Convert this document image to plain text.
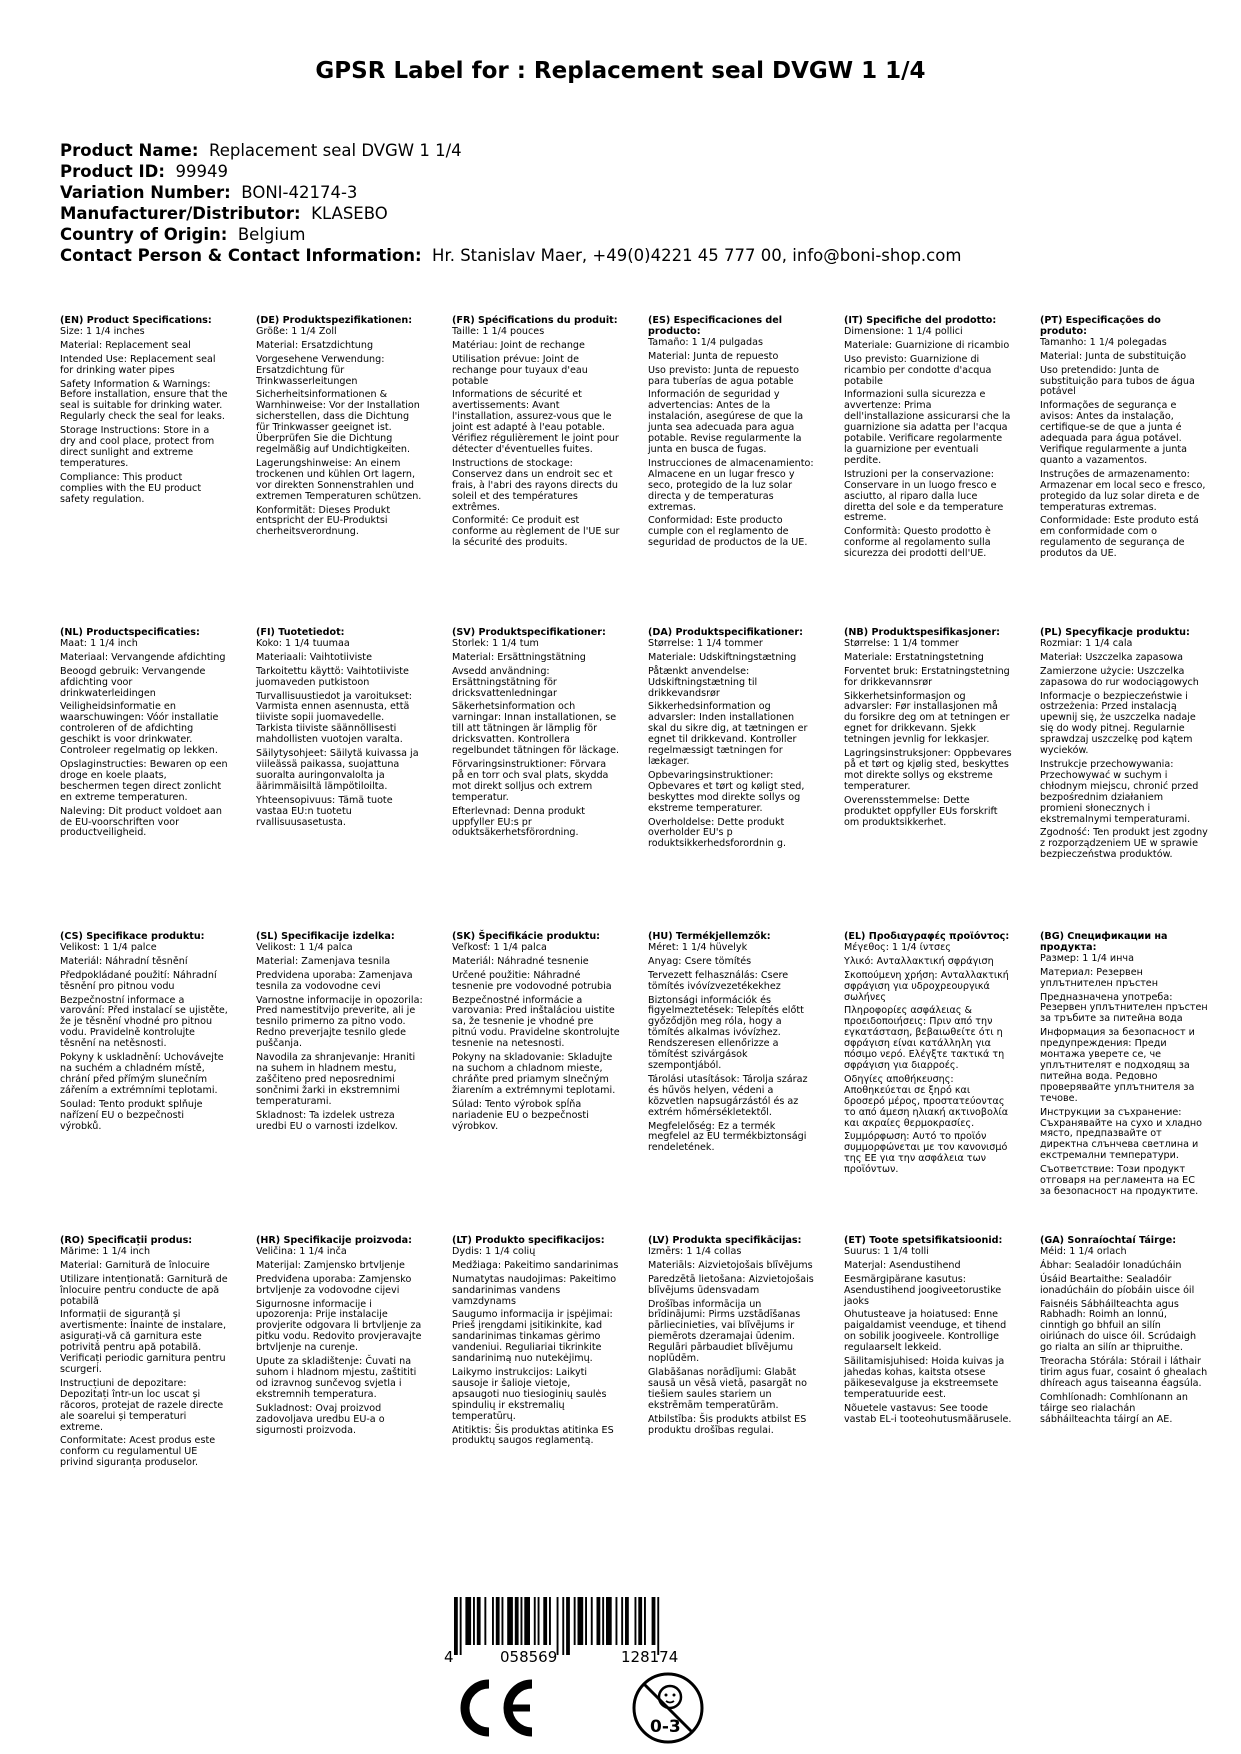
GPSR Label for : Replacement seal DVGW 1 1/4
Product Name: Replacement seal DVGW 1 1/4
Product ID: 99949
Variation Number: BONI-42174-3
Manufacturer/Distributor: KLASEBO
Country of Origin: Belgium
Contact Person & Contact Information: Hr. Stanislav Maer, +49(0)4221 45 777 00, info@boni-shop.com
(EN) Product Specifications:
Size: 1 1/4 inches
Material: Replacement seal
Intended Use: Replacement seal for drinking water pipes
Safety Information & Warnings: Before installation, ensure that the seal is suitable for drinking water. Regularly check the seal for leaks.
Storage Instructions: Store in a dry and cool place, protect from direct sunlight and extreme temperatures.
Compliance: This product complies with the EU product safety regulation.
(DE) Produktspezifikationen:
Größe: 1 1/4 Zoll
Material: Ersatzdichtung
Vorgesehene Verwendung: Ersatzdichtung für Trinkwasserleitungen
Sicherheitsinformationen & Warnhinweise: Vor der Installation sicherstellen, dass die Dichtung für Trinkwasser geeignet ist. Überprüfen Sie die Dichtung regelmäßig auf Undichtigkeiten.
Lagerungshinweise: An einem trockenen und kühlen Ort lagern, vor direkten Sonnenstrahlen und extremen Temperaturen schützen.
Konformität: Dieses Produkt entspricht der EU-Produktsi cherheitsverordnung.
(FR) Spécifications du produit:
Taille: 1 1/4 pouces
Matériau: Joint de rechange
Utilisation prévue: Joint de rechange pour tuyaux d'eau potable
Informations de sécurité et avertissements: Avant l'installation, assurez-vous que le joint est adapté à l'eau potable. Vérifiez régulièrement le joint pour détecter d'éventuelles fuites.
Instructions de stockage: Conservez dans un endroit sec et frais, à l'abri des rayons directs du soleil et des températures extrêmes.
Conformité: Ce produit est conforme au règlement de l'UE sur la sécurité des produits.
(ES) Especificaciones del producto:
Tamaño: 1 1/4 pulgadas
Material: Junta de repuesto
Uso previsto: Junta de repuesto para tuberías de agua potable
Información de seguridad y advertencias: Antes de la instalación, asegúrese de que la junta sea adecuada para agua potable. Revise regularmente la junta en busca de fugas.
Instrucciones de almacenamiento: Almacene en un lugar fresco y seco, protegido de la luz solar directa y de temperaturas extremas.
Conformidad: Este producto cumple con el reglamento de seguridad de productos de la UE.
(IT) Specifiche del prodotto:
Dimensione: 1 1/4 pollici
Materiale: Guarnizione di ricambio
Uso previsto: Guarnizione di ricambio per condotte d'acqua potabile
Informazioni sulla sicurezza e avvertenze: Prima dell'installazione assicurarsi che la guarnizione sia adatta per l'acqua potabile. Verificare regolarmente la guarnizione per eventuali perdite.
Istruzioni per la conservazione: Conservare in un luogo fresco e asciutto, al riparo dalla luce diretta del sole e da temperature estreme.
Conformità: Questo prodotto è conforme al regolamento sulla sicurezza dei prodotti dell'UE.
(PT) Especificações do produto:
Tamanho: 1 1/4 polegadas
Material: Junta de substituição
Uso pretendido: Junta de substituição para tubos de água potável
Informações de segurança e avisos: Antes da instalação, certifique-se de que a junta é adequada para água potável. Verifique regularmente a junta quanto a vazamentos.
Instruções de armazenamento: Armazenar em local seco e fresco, protegido da luz solar direta e de temperaturas extremas.
Conformidade: Este produto está em conformidade com o regulamento de segurança de produtos da UE.
(NL) Productspecificaties:
Maat: 1 1/4 inch
Materiaal: Vervangende afdichting
Beoogd gebruik: Vervangende afdichting voor drinkwaterleidingen
Veiligheidsinformatie en waarschuwingen: Vóór installatie controleren of de afdichting geschikt is voor drinkwater. Controleer regelmatig op lekken.
Opslaginstructies: Bewaren op een droge en koele plaats, beschermen tegen direct zonlicht en extreme temperaturen.
Naleving: Dit product voldoet aan de EU-voorschriften voor productveiligheid.
(FI) Tuotetiedot:
Koko: 1 1/4 tuumaa
Materiaali: Vaihtotiiviste
Tarkoitettu käyttö: Vaihtotiiviste juomaveden putkistoon
Turvallisuustiedot ja varoitukset: Varmista ennen asennusta, että tiiviste sopii juomavedelle. Tarkista tiiviste säännöllisesti mahdollisten vuotojen varalta.
Säilytysohjeet: Säilytä kuivassa ja viileässä paikassa, suojattuna suoralta auringonvalolta ja äärimmäisiltä lämpötiloilta.
Yhteensopivuus: Tämä tuote vastaa EU:n tuotetu rvallisuusasetusta.
(SV) Produktspecifikationer:
Storlek: 1 1/4 tum
Material: Ersättningstätning
Avsedd användning: Ersättningstätning för dricksvattenledningar
Säkerhetsinformation och varningar: Innan installationen, se till att tätningen är lämplig för dricksvatten. Kontrollera regelbundet tätningen för läckage.
Förvaringsinstruktioner: Förvara på en torr och sval plats, skydda mot direkt solljus och extrem temperatur.
Efterlevnad: Denna produkt uppfyller EU:s pr oduktsäkerhetsförordning.
(DA) Produktspecifikationer:
Størrelse: 1 1/4 tommer
Materiale: Udskiftningstætning
Påtænkt anvendelse: Udskiftningstætning til drikkevandsrør
Sikkerhedsinformation og advarsler: Inden installationen skal du sikre dig, at tætningen er egnet til drikkevand. Kontroller regelmæssigt tætningen for lækager.
Opbevaringsinstruktioner: Opbevares et tørt og køligt sted, beskyttes mod direkte sollys og ekstreme temperaturer.
Overholdelse: Dette produkt overholder EU's p roduktsikkerhedsforordnin g.
(NB) Produktspesifikasjoner:
Størrelse: 1 1/4 tommer
Materiale: Erstatningstetning
Forventet bruk: Erstatningstetning for drikkevannsrør
Sikkerhetsinformasjon og advarsler: Før installasjonen må du forsikre deg om at tetningen er egnet for drikkevann. Sjekk tetningen jevnlig for lekkasjer.
Lagringsinstruksjoner: Oppbevares på et tørt og kjølig sted, beskyttes mot direkte sollys og ekstreme temperaturer.
Overensstemmelse: Dette produktet oppfyller EUs forskrift om produktsikkerhet.
(PL) Specyfikacje produktu:
Rozmiar: 1 1/4 cala
Materiał: Uszczelka zapasowa
Zamierzone użycie: Uszczelka zapasowa do rur wodociągowych
Informacje o bezpieczeństwie i ostrzeżenia: Przed instalacją upewnij się, że uszczelka nadaje się do wody pitnej. Regularnie sprawdzaj uszczelkę pod kątem wycieków.
Instrukcje przechowywania: Przechowywać w suchym i chłodnym miejscu, chronić przed bezpośrednim działaniem promieni słonecznych i ekstremalnymi temperaturami.
Zgodność: Ten produkt jest zgodny z rozporządzeniem UE w sprawie bezpieczeństwa produktów.
(CS) Specifikace produktu:
Velikost: 1 1/4 palce
Materiál: Náhradní těsnění
Předpokládané použití: Náhradní těsnění pro pitnou vodu
Bezpečnostní informace a varování: Před instalací se ujistěte, že je těsnění vhodné pro pitnou vodu. Pravidelně kontrolujte těsnění na netěsnosti.
Pokyny k uskladnění: Uchovávejte na suchém a chladném místě, chrání před přímým slunečním zářením a extrémními teplotami.
Soulad: Tento produkt splňuje nařízení EU o bezpečnosti výrobků.
(SL) Specifikacije izdelka:
Velikost: 1 1/4 palca
Material: Zamenjava tesnila
Predvidena uporaba: Zamenjava tesnila za vodovodne cevi
Varnostne informacije in opozorila: Pred namestitvijo preverite, ali je tesnilo primerno za pitno vodo. Redno preverjajte tesnilo glede puščanja.
Navodila za shranjevanje: Hraniti na suhem in hladnem mestu, zaščiteno pred neposrednimi sončnimi žarki in ekstremnimi temperaturami.
Skladnost: Ta izdelek ustreza uredbi EU o varnosti izdelkov.
(SK) Špecifikácie produktu:
Veľkosť: 1 1/4 palca
Materiál: Náhradné tesnenie
Určené použitie: Náhradné tesnenie pre vodovodné potrubia
Bezpečnostné informácie a varovania: Pred inštaláciou uistite sa, že tesnenie je vhodné pre pitnú vodu. Pravidelne skontrolujte tesnenie na netesnosti.
Pokyny na skladovanie: Skladujte na suchom a chladnom mieste, chráňte pred priamym slnečným žiarením a extrémnymi teplotami.
Súlad: Tento výrobok spĺňa nariadenie EU o bezpečnosti výrobkov.
(HU) Termékjellemzők:
Méret: 1 1/4 hüvelyk
Anyag: Csere tömítés
Tervezett felhasználás: Csere tömítés ivóvízvezetékekhez
Biztonsági információk és figyelmeztetések: Telepítés előtt győződjön meg róla, hogy a tömítés alkalmas ivóvízhez. Rendszeresen ellenőrizze a tömítést szivárgások szempontjából.
Tárolási utasítások: Tárolja száraz és hűvös helyen, védeni a közvetlen napsugárzástól és az extrém hőmérsékletektől.
Megfelelőség: Ez a termék megfelel az EU termékbiztonsági rendeletének.
(EL) Προδιαγραφές προϊόντος:
Μέγεθος: 1 1/4 ίντσες
Υλικό: Ανταλλακτική σφράγιση
Σκοπούμενη χρήση: Ανταλλακτική σφράγιση για υδροχρεουργικά σωλήνες
Πληροφορίες ασφάλειας & προειδοποιήσεις: Πριν από την εγκατάσταση, βεβαιωθείτε ότι η σφράγιση είναι κατάλληλη για πόσιμο νερό. Ελέγξτε τακτικά τη σφράγιση για διαρροές.
Οδηγίες αποθήκευσης: Αποθηκεύεται σε ξηρό και δροσερό μέρος, προστατεύοντας το από άμεση ηλιακή ακτινοβολία και ακραίες θερμοκρασίες.
Συμμόρφωση: Αυτό το προϊόν συμμορφώνεται με τον κανονισμό της ΕΕ για την ασφάλεια των προϊόντων.
(BG) Спецификации на продукта:
Размер: 1 1/4 инча
Материал: Резервен уплътнителен пръстен
Предназначена употреба: Резервен уплътнителен пръстен за тръбите за питейна вода
Информация за безопасност и предупреждения: Преди монтажа уверете се, че уплътнителят е подходящ за питейна вода. Редовно проверявайте уплътнителя за течове.
Инструкции за съхранение: Съхранявайте на сухо и хладно място, предпазвайте от директна слънчева светлина и екстремални температури.
Съответствие: Този продукт отговаря на регламента на ЕС за безопасност на продуктите.
(RO) Specificații produs:
Mărime: 1 1/4 inch
Material: Garnitură de înlocuire
Utilizare intenționată: Garnitură de înlocuire pentru conducte de apă potabilă
Informații de siguranță și avertismente: Înainte de instalare, asigurați-vă că garnitura este potrivită pentru apă potabilă. Verificați periodic garnitura pentru scurgeri.
Instrucțiuni de depozitare: Depozitați într-un loc uscat și răcoros, protejat de razele directe ale soarelui și temperaturi extreme.
Conformitate: Acest produs este conform cu regulamentul UE privind siguranța produselor.
(HR) Specifikacije proizvoda:
Veličina: 1 1/4 inča
Materijal: Zamjensko brtvljenje
Predviđena uporaba: Zamjensko brtvljenje za vodovodne cijevi
Sigurnosne informacije i upozorenja: Prije instalacije provjerite odgovara li brtvljenje za pitku vodu. Redovito provjeravajte brtvljenje na curenje.
Upute za skladištenje: Čuvati na suhom i hladnom mjestu, zaštititi od izravnog sunčevog svjetla i ekstremnih temperatura.
Sukladnost: Ovaj proizvod zadovoljava uredbu EU-a o sigurnosti proizvoda.
(LT) Produkto specifikacijos:
Dydis: 1 1/4 colių
Medžiaga: Pakeitimo sandarinimas
Numatytas naudojimas: Pakeitimo sandarinimas vandens vamzdynams
Saugumo informacija ir įspėjimai: Prieš įrengdami įsitikinkite, kad sandarinimas tinkamas gėrimo vandeniui. Reguliariai tikrinkite sandarinimą nuo nutekėjimų.
Laikymo instrukcijos: Laikyti sausoje ir šalioje vietoje, apsaugoti nuo tiesioginių saulės spindulių ir ekstremalių temperatūrų.
Atitiktis: Šis produktas atitinka ES produktų saugos reglamentą.
(LV) Produkta specifikācijas:
Izmērs: 1 1/4 collas
Materiāls: Aizvietojošais blīvējums
Paredzētā lietošana: Aizvietojošais blīvējums ūdensvadam
Drošības informācija un brīdinājumi: Pirms uzstādīšanas pārliecinieties, vai blīvējums ir piemērots dzeramajai ūdenim. Regulāri pārbaudiet blīvējumu noplūdēm.
Glabāšanas norādījumi: Glabāt sausā un vēsā vietā, pasargāt no tiešiem saules stariem un ekstrēmām temperatūrām.
Atbilstība: Šis produkts atbilst ES produktu drošības regulai.
(ET) Toote spetsifikatsioonid:
Suurus: 1 1/4 tolli
Materjal: Asendustihend
Eesmärgipärane kasutus: Asendustihend joogiveetorustike jaoks
Ohutusteave ja hoiatused: Enne paigaldamist veenduge, et tihend on sobilik joogiveele. Kontrollige regulaarselt lekkeid.
Säilitamisjuhised: Hoida kuivas ja jahedas kohas, kaitsta otsese päikesevalguse ja ekstreemsete temperatuuride eest.
Nõuetele vastavus: See toode vastab EL-i tooteohutusmäärusele.
(GA) Sonraíochtaí Táirge:
Méid: 1 1/4 orlach
Ábhar: Sealadóir Ionadúcháin
Úsáid Beartaithe: Sealadóir ionadúcháin do píobáin uisce óil
Faisnéis Sábháilteachta agus Rabhadh: Roimh an lonnú, cinntigh go bhfuil an silín oiriúnach do uisce óil. Scrúdaigh go rialta an silín ar thipruithe.
Treoracha Stórála: Stórail i láthair tirim agus fuar, cosaint ó ghealach dhíreach agus taiseanna éagsúla.
Comhlíonadh: Comhlíonann an táirge seo rialachán sábháilteachta táirgí an AE.
4	058569	128174
0-3
